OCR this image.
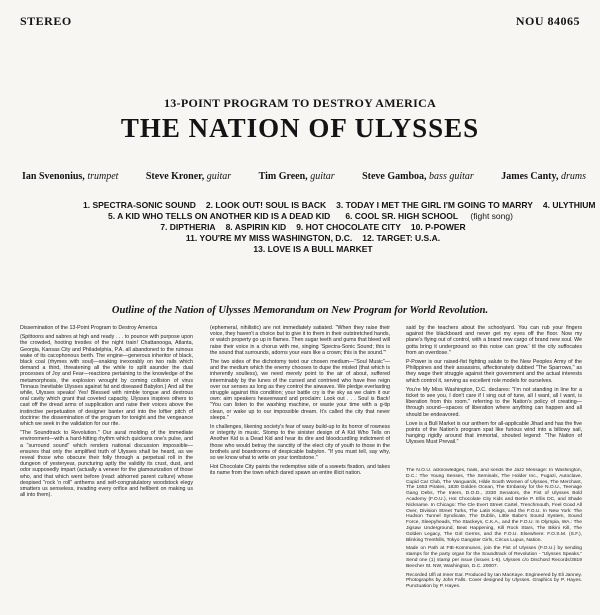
STEREO	NOU 84065
13-POINT PROGRAM TO DESTROY AMERICA
THE NATION OF ULYSSES
Ian Svenonius, trumpet	Steve Kroner, guitar	Tim Green, guitar	Steve Gamboa, bass guitar	James Canty, drums
1. SPECTRA-SONIC SOUND 2. LOOK OUT! SOUL IS BACK 3. TODAY I MET THE GIRL I'M GOING TO MARRY 4. ULYTHIUM
5. A KID WHO TELLS ON ANOTHER KID IS A DEAD KID 6. COOL SR. HIGH SCHOOL (fight song)
7. DIPTHERIA 8. ASPIRIN KID 9. HOT CHOCOLATE CITY 10. P-POWER
11. YOU'RE MY MISS WASHINGTON, D.C. 12. TARGET: U.S.A.
13. LOVE IS A BULL MARKET
Outline of the Nation of Ulysses Memorandum on New Program for World Revolution.

Dissemination of the 13-Point Program to Destroy America

(Spittoons and sabres at high and ready . . . to pounce with purpose upon the crowded, hooting trestles of the night train! Chattanooga, Atlanta, Georgia, Kansas City and Philadelphia, P.A. all abandoned to the ruinous wake of its cacophonous berth. The engine—generous inheritor of black, black coal (rhymes with soul)—snaking inexorably on two rails which demand a third, threatening all the while to split asunder the dual processes of Joy and Fear—reactions pertaining to the knowledge of the metamorphosis, the explosion wrought by coming collision of virus Tinnaus Inevitable Ulysses against fat and diseased Babylon.) And all the while, Ulysses speaks! Yes! Blessed with nimble tongue and dextrous oral cavity which grant that coveted capacity, Ulysses inspires others to cast off the dread arms of supplication and raise their voices above the instinctive perpetuation of designer banter and into the loftier pitch of doctrine: the dissemination of the program for tonight and the vengeance which we seek in the validation for our rite.

"The Soundtrack to Revolution." Our aural molding of the immediate environment—with a hard-hitting rhythm which quickens one's pulse, and a "surround sound" which renders national discussion impossible—ensures that only the amplified truth of Ulysses shall be heard, as we reveal those who obscure their folly through a perpetual roll in the dungeon of yesteryear, puncturing aptly the validity its crust, dust, and odor supposedly impart (actually a veneer for the glamourization of those who, and that which went before (read: abhorred parent culture) whose despised "rock 'n roll" anthems and self-congratulatory woodstock elegy smatters us senseless, invading every orifice and hellbent on making us all into them).

(ephemeral, nihilistic) are not immediately satiated. "When they raise their voice, they haven't a choice but to give it to them in their outstretched hands, or watch property go up in flames. Then sugar teeth and gums that bleed will raise their voice in a chorus with me, singing 'Spectra-Sonic Sound; this is the sound that surrounds, adorns your ears like a crown; this is the sound.'"

The two sides of the dichotomy twixt our chosen medium—"Soul Music"—and the medium which the enemy chooses to dupe the misled (that which is inherently soulless), we need merely point to the air of about, suffered interminably by the lunes of the cursed and contrived who have free reign over our senses as long as they control the airwaves. We pledge everlasting struggle against this condition; your battle cry is the sky as we claim it our own: aim speakers heavenward and proclaim: Look out . . . Soul is Back! "You can listen to the washing machine, or waste your time with a g-tip clean, or wake up to our impossible dream. It's called the city that never sleeps."

In challenges, likening society's fear of waxy build-up to its horror of rowness or integrity in music. Stomp to the sinister design of A Kid Who Tells on Another Kid is a Dead Kid and hear its dire and bloodcurdling indictment of those who would betray the sanctity of the elect city of youth to those in the brothels and boardrooms of despicable babylon. "If you must tell, say why, so we know what to write on your tombstone."

Hot Chocolate City paints the redemptive side of a sweets fixation, and takes its name from the town which dared spawn an entire illicit nation.

said by the teachers about the schoolyard. You can rub your fingers against the blackboard and never get my eyes off the floor. Now my plane's flying out of control, with a brand new cargo of brand new soul. We gotta bring it underground so this noise can grow.' til the city suffocates from an overdose."

P-Power is our raised-fist fighting salute to the New Peoples Army of the Philippines and their assassins, affectionately dubbed "The Sparrows," as they wage their struggle against their government and the actual interests which control it, serving as excellent role models for ourselves.

You're My Miss Washington, D.C. declares: "I'm not standing in line for a ticket to see you, I don't care if I sing out of tune, all I want, all I want, is liberation from this room." referring to the Nation's policy of creating—through sound—spaces of liberation where anything can happen and all should be endeavored.

Love is a Bull Market is our anthem for all-applicable Jihad and has the five points of the Nation's program spat like furious wind into a billowy sail, hanging rigidly around that immortal, shouted legend: "The Nation of Ulysses Must Prevail."

The N.O.U. acknowledges, hails, and sends the Jazz Message: In Washington, D.C.: The Young Senses, The Seminals, The Holder Inc., Fugazi, Autoclave, Cupid Car Club, The Vanguards, Hilde South Women of Ulysses, The Merchant, The 1653 Pirates, 1830 Golden Ocean, The Embassy for the N.O.U., Teenage Gang Debs, The Intern, D.O.D., 3330 Senators, the Fist of Ulysses Bold Academy (F.O.U.), Hot Chocolate City Kids and Bertie P. Ellis DC, and Shade Nickname. In Chicago: The Cle Evert Street Cartel, Trenchmouth, Feel Good All Over, Division Street Turks, The Latin Kings, and the F.O.U. In New York: The Hudson Tunnel Syndicate, The Dublin, Little Babe's Sound System, Sound Force, Sleepyheads, The Stackeys, C.K.A., and the F.O.U. In Olympia, WA.: The Jigsaw Underground, Beat Happening, Kill Rock Stars, The Bikini Kill, The Golden Legacy, The Girl Germs, and the F.O.U. Elsewhere: F.O.S.M. (S.F.), Blinking Trenthills, Tokyo Gangster Girls, Circus Lupus, Nation.

Made on Path at FIE-Kommunes, join the Fist of Ulysses (F.O.U.) by sending stamps for the party organ for the Soundtrack of Revolution - "Ulysses Speaks." Send one (1) stamp per issue (issues 1-6). Ulysses c/o Dischord Records/3819 Beecher St. NW, Washington, D.C. 20007.

Recorded Ulfi at Inner Ear. Produced by Ian MacKaye. Engineered by Eli Janney. Photographs by John Falls. Cover designed by Ulysses. Graphics by P. Hayes. Punctuation by P. Hayes.
